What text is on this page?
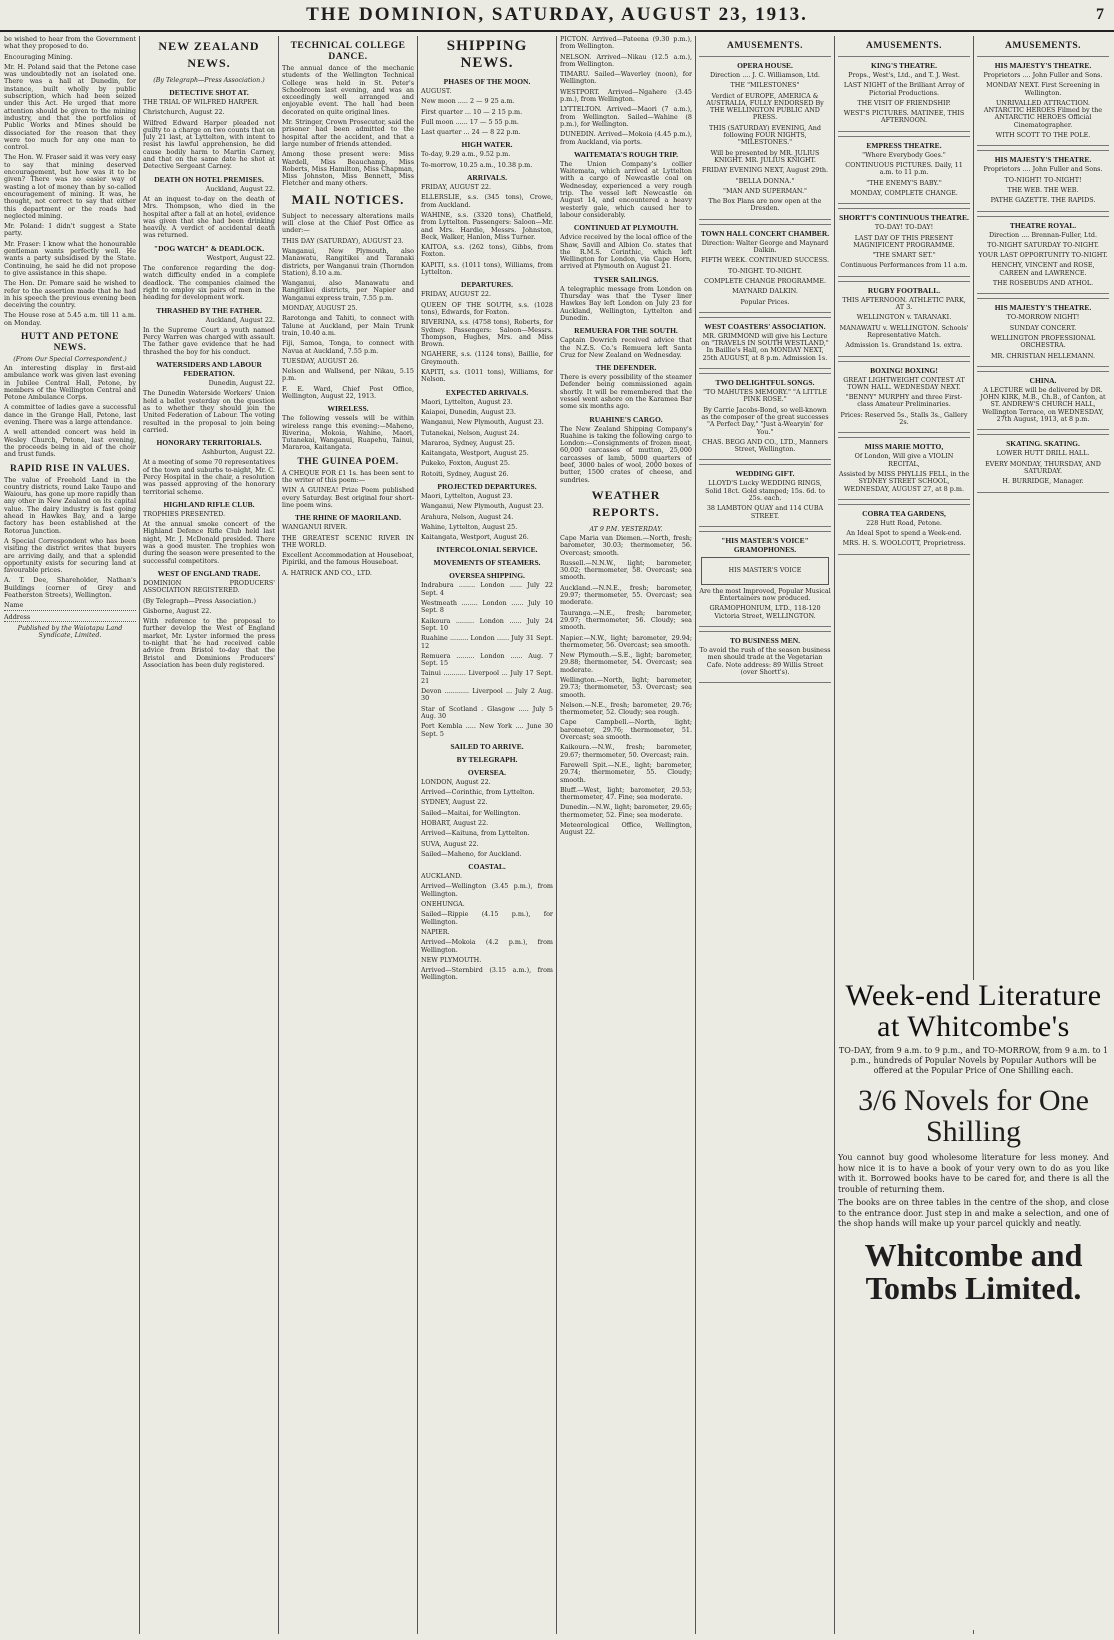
THE DOMINION, SATURDAY, AUGUST 23, 1913.	7

be wished to hear from the Government what they proposed to do.

Encouraging Mining.

Mr. H. Poland said that the Petone case was undoubtedly not an isolated one. There was a hall at Dunedin, for instance, built wholly by public subscription, which had been seized under this Act. He urged that more attention should be given to the mining industry, and that the portfolios of Public Works and Mines should be dissociated for the reason that they were too much for any one man to control.

The Hon. W. Fraser said it was very easy to say that mining deserved encouragement, but how was it to be given? There was no easier way of wasting a lot of money than by so-called encouragement of mining. It was, he thought, not correct to say that either this department or the roads had neglected mining.

Mr. Poland: I didn't suggest a State party.

Mr. Fraser: I know what the honourable gentleman wants perfectly well. He wants a party subsidised by the State. Continuing, he said he did not propose to give assistance in this shape.

The Hon. Dr. Pomare said he wished to refer to the assertion made that he had in his speech the previous evening been deceiving the country.

The House rose at 5.45 a.m. till 11 a.m. on Monday.

HUTT AND PETONE NEWS.
(From Our Special Correspondent.)

An interesting display in first-aid ambulance work was given last evening in Jubilee Central Hall, Petone, by members of the Wellington Central and Petone Ambulance Corps.

A committee of ladies gave a successful dance in the Grange Hall, Petone, last evening. There was a large attendance.

A well attended concert was held in Wesley Church, Petone, last evening, the proceeds being in aid of the choir and trust funds.

RAPID RISE IN VALUES.

The value of Freehold Land in the country districts, round Lake Taupo and Waiouru, has gone up more rapidly than any other in New Zealand on its capital value. The dairy industry is fast going ahead in Hawkes Bay, and a large factory has been established at the Rotorua Junction.

A Special Correspondent who has been visiting the district writes that buyers are arriving daily, and that a splendid opportunity exists for securing land at favourable prices.

A. T. Dee, Shareholder, Nathan's Buildings (corner of Grey and Featherston Streets), Wellington.

Name

Address

Published by the Waiotapu Land Syndicate, Limited.

NEW ZEALAND NEWS.
(By Telegraph—Press Association.)
DETECTIVE SHOT AT.

THE TRIAL OF WILFRED HARPER.

Christchurch, August 22.

Wilfred Edward Harper pleaded not guilty to a charge on two counts that on July 21 last, at Lyttelton, with intent to resist his lawful apprehension, he did cause bodily harm to Martin Carney, and that on the same date he shot at Detective Sergeant Carney.

DEATH ON HOTEL PREMISES.

Auckland, August 22.

At an inquest to-day on the death of Mrs. Thompson, who died in the hospital after a fall at an hotel, evidence was given that she had been drinking heavily. A verdict of accidental death was returned.

"DOG WATCH" & DEADLOCK.

Westport, August 22.

The conference regarding the dog-watch difficulty ended in a complete deadlock. The companies claimed the right to employ six pairs of men in the heading for development work.

THRASHED BY THE FATHER.

Auckland, August 22.

In the Supreme Court a youth named Percy Warren was charged with assault. The father gave evidence that he had thrashed the boy for his conduct.

WATERSIDERS AND LABOUR FEDERATION.

Dunedin, August 22.

The Dunedin Waterside Workers' Union held a ballot yesterday on the question as to whether they should join the United Federation of Labour. The voting resulted in the proposal to join being carried.

HONORARY TERRITORIALS.

Ashburton, August 22.

At a meeting of some 70 representatives of the town and suburbs to-night, Mr. C. Percy Hospital in the chair, a resolution was passed approving of the honorary territorial scheme.

HIGHLAND RIFLE CLUB.

TROPHIES PRESENTED.

At the annual smoke concert of the Highland Defence Rifle Club held last night, Mr. J. McDonald presided. There was a good muster. The trophies won during the season were presented to the successful competitors.

WEST OF ENGLAND TRADE.

DOMINION PRODUCERS' ASSOCIATION REGISTERED.

(By Telegraph—Press Association.)

Gisborne, August 22.

With reference to the proposal to further develop the West of England market, Mr. Lyster informed the press to-night that he had received cable advice from Bristol to-day that the Bristol and Dominions Producers' Association has been duly registered.

TECHNICAL COLLEGE DANCE.

The annual dance of the mechanic students of the Wellington Technical College was held in St. Peter's Schoolroom last evening, and was an exceedingly well arranged and enjoyable event. The hall had been decorated on quite original lines.

Mr. Stringer, Crown Prosecutor, said the prisoner had been admitted to the hospital after the accident, and that a large number of friends attended.

Among those present were: Miss Wardell, Miss Beauchamp, Miss Roberts, Miss Hamilton, Miss Chapman, Miss Johnston, Miss Bennett, Miss Fletcher and many others.

MAIL NOTICES.

Subject to necessary alterations mails will close at the Chief Post Office as under:—

THIS DAY (SATURDAY), AUGUST 23.

Wanganui, New Plymouth, also Manawatu, Rangitikei and Taranaki districts, per Wanganui train (Thorndon Station), 8.10 a.m.

Wanganui, also Manawatu and Rangitikei districts, per Napier and Wanganui express train, 7.55 p.m.

MONDAY, AUGUST 25.

Rarotonga and Tahiti, to connect with Talune at Auckland, per Main Trunk train, 10.40 a.m.

Fiji, Samoa, Tonga, to connect with Navua at Auckland, 7.55 p.m.

TUESDAY, AUGUST 26.

Nelson and Wallsend, per Nikau, 5.15 p.m.

F. E. Ward, Chief Post Office, Wellington, August 22, 1913.

WIRELESS.

The following vessels will be within wireless range this evening:—Maheno, Riverina, Mokoia, Wahine, Maori, Tutanekai, Wanganui, Ruapehu, Tainui, Mararoa, Kaitangata.

THE GUINEA POEM.

A CHEQUE FOR £1 1s. has been sent to the writer of this poem:—

WIN A GUINEA! Prize Poem published every Saturday. Best original four short-line poem wins.

THE RHINE OF MAORILAND.

WANGANUI RIVER.

THE GREATEST SCENIC RIVER IN THE WORLD.

Excellent Accommodation at Houseboat, Pipiriki, and the famous Houseboat.

A. HATRICK AND CO., LTD.

SHIPPING NEWS.
PHASES OF THE MOON.

AUGUST.

New moon ..... 2 — 9 25 a.m.

First quarter ... 10 — 2 15 p.m.

Full moon ...... 17 — 5 55 p.m.

Last quarter ... 24 — 8 22 p.m.

HIGH WATER.

To-day, 9.29 a.m., 9.52 p.m.

To-morrow, 10.25 a.m., 10.38 p.m.

ARRIVALS.

FRIDAY, AUGUST 22.

ELLERSLIE, s.s. (345 tons), Crowe, from Auckland.

WAHINE, s.s. (3320 tons), Chatfield, from Lyttelton. Passengers: Saloon—Mr. and Mrs. Hardie, Messrs. Johnston, Beck, Walker, Hanlon, Miss Turner.

KAITOA, s.s. (262 tons), Gibbs, from Foxton.

KAPITI, s.s. (1011 tons), Williams, from Lyttelton.

DEPARTURES.

FRIDAY, AUGUST 22.

QUEEN OF THE SOUTH, s.s. (1028 tons), Edwards, for Foxton.

RIVERINA, s.s. (4758 tons), Roberts, for Sydney. Passengers: Saloon—Messrs. Thompson, Hughes, Mrs. and Miss Brown.

NGAHERE, s.s. (1124 tons), Baillie, for Greymouth.

KAPITI, s.s. (1011 tons), Williams, for Nelson.

EXPECTED ARRIVALS.

Maori, Lyttelton, August 23.

Kaiapoi, Dunedin, August 23.

Wanganui, New Plymouth, August 23.

Tutanekai, Nelson, August 24.

Mararoa, Sydney, August 25.

Kaitangata, Westport, August 25.

Pukeko, Foxton, August 25.

Rotoiti, Sydney, August 26.

PROJECTED DEPARTURES.

Maori, Lyttelton, August 23.

Wanganui, New Plymouth, August 23.

Arahura, Nelson, August 24.

Wahine, Lyttelton, August 25.

Kaitangata, Westport, August 26.

INTERCOLONIAL SERVICE.
MOVEMENTS OF STEAMERS.
OVERSEA SHIPPING.

Indrabura ........ London ...... July 22 Sept. 4

Westmeath ........ London ...... July 10 Sept. 8

Kaikoura ......... London ...... July 24 Sept. 10

Ruahine ......... London ...... July 31 Sept. 12

Remuera ......... London ...... Aug. 7 Sept. 15

Tainui ........... Liverpool ... July 17 Sept. 21

Devon ............ Liverpool ... July 2 Aug. 30

Star of Scotland . Glasgow ..... July 5 Aug. 30

Port Kembla ..... New York .... June 30 Sept. 5

SAILED TO ARRIVE.
BY TELEGRAPH.
OVERSEA.

LONDON, August 22.

Arrived—Corinthic, from Lyttelton.

SYDNEY, August 22.

Sailed—Maitai, for Wellington.

HOBART, August 22.

Arrived—Kaituna, from Lyttelton.

SUVA, August 22.

Sailed—Maheno, for Auckland.

COASTAL.

AUCKLAND.

Arrived—Wellington (3.45 p.m.), from Wellington.

ONEHUNGA.

Sailed—Rippie (4.15 p.m.), for Wellington.

NAPIER.

Arrived—Mokoia (4.2 p.m.), from Wellington.

NEW PLYMOUTH.

Arrived—Sternbird (3.15 a.m.), from Wellington.

PICTON. Arrived—Pateena (9.30 p.m.), from Wellington.

NELSON. Arrived—Nikau (12.5 a.m.), from Wellington.

TIMARU. Sailed—Waverley (noon), for Wellington.

WESTPORT. Arrived—Ngahere (3.45 p.m.), from Wellington.

LYTTELTON. Arrived—Maori (7 a.m.), from Wellington. Sailed—Wahine (8 p.m.), for Wellington.

DUNEDIN. Arrived—Mokoia (4.45 p.m.), from Auckland, via ports.

WAITEMATA'S ROUGH TRIP.

The Union Company's collier Waitemata, which arrived at Lyttelton with a cargo of Newcastle coal on Wednesday, experienced a very rough trip. The vessel left Newcastle on August 14, and encountered a heavy westerly gale, which caused her to labour considerably.

CONTINUED AT PLYMOUTH.

Advice received by the local office of the Shaw, Savill and Albion Co. states that the R.M.S. Corinthic, which left Wellington for London, via Cape Horn, arrived at Plymouth on August 21.

TYSER SAILINGS.

A telegraphic message from London on Thursday was that the Tyser liner Hawkes Bay left London on July 23 for Auckland, Wellington, Lyttelton and Dunedin.

REMUERA FOR THE SOUTH.

Captain Dowrich received advice that the N.Z.S. Co.'s Remuera left Santa Cruz for New Zealand on Wednesday.

THE DEFENDER.

There is every possibility of the steamer Defender being commissioned again shortly. It will be remembered that the vessel went ashore on the Karamea Bar some six months ago.

RUAHINE'S CARGO.

The New Zealand Shipping Company's Ruahine is taking the following cargo to London:—Consignments of frozen meat, 60,000 carcasses of mutton, 25,000 carcasses of lamb, 5000 quarters of beef, 3000 bales of wool, 2000 boxes of butter, 1500 crates of cheese, and sundries.

WEATHER REPORTS.
AT 9 P.M. YESTERDAY.

Cape Maria van Diemen.—North, fresh; barometer, 30.03; thermometer, 56. Overcast; smooth.

Russell.—N.N.W., light; barometer, 30.02; thermometer, 58. Overcast; sea smooth.

Auckland.—N.N.E., fresh; barometer, 29.97; thermometer, 55. Overcast; sea moderate.

Tauranga.—N.E., fresh; barometer, 29.97; thermometer, 56. Cloudy; sea smooth.

Napier.—N.W., light; barometer, 29.94; thermometer, 56. Overcast; sea smooth.

New Plymouth.—S.E., light; barometer, 29.88; thermometer, 54. Overcast; sea moderate.

Wellington.—North, light; barometer, 29.73; thermometer, 53. Overcast; sea smooth.

Nelson.—N.E., fresh; barometer, 29.76; thermometer, 52. Cloudy; sea rough.

Cape Campbell.—North, light; barometer, 29.76; thermometer, 51. Overcast; sea smooth.

Kaikoura.—N.W., fresh; barometer, 29.67; thermometer, 50. Overcast; rain.

Farewell Spit.—N.E., light; barometer, 29.74; thermometer, 55. Cloudy; smooth.

Bluff.—West, light; barometer, 29.53; thermometer, 47. Fine; sea moderate.

Dunedin.—N.W., light; barometer, 29.65; thermometer, 52. Fine; sea moderate.

Meteorological Office, Wellington, August 22.

AMUSEMENTS.
OPERA HOUSE.

Direction .... J. C. Williamson, Ltd.

THE "MILESTONES"

Verdict of EUROPE, AMERICA & AUSTRALIA, FULLY ENDORSED By THE WELLINGTON PUBLIC AND PRESS.

THIS (SATURDAY) EVENING, And following FOUR NIGHTS, "MILESTONES."

Will be presented by MR. JULIUS KNIGHT. MR. JULIUS KNIGHT.

FRIDAY EVENING NEXT, August 29th.

"BELLA DONNA."

"MAN AND SUPERMAN."

The Box Plans are now open at the Dresden.

TOWN HALL CONCERT CHAMBER.

Direction: Walter George and Maynard Dalkin.

FIFTH WEEK. CONTINUED SUCCESS.

TO-NIGHT. TO-NIGHT.

COMPLETE CHANGE PROGRAMME.

MAYNARD DALKIN.

Popular Prices.

WEST COASTERS' ASSOCIATION.

MR. GRIMMOND will give his Lecture on "TRAVELS IN SOUTH WESTLAND," In Baillie's Hall, on MONDAY NEXT, 25th AUGUST, at 8 p.m. Admission 1s.

TWO DELIGHTFUL SONGS.

"TO MAHUTES MEMORY." "A LITTLE PINK ROSE."

By Carrie Jacobs-Bond, so well-known as the composer of the great successes "A Perfect Day," "Just a-Wearyin' for You."

CHAS. BEGG AND CO., LTD., Manners Street, Wellington.

WEDDING GIFT.

LLOYD'S Lucky WEDDING RINGS, Solid 18ct. Gold stamped; 15s. 6d. to 25s. each.

38 LAMBTON QUAY and 114 CUBA STREET.

"HIS MASTER'S VOICE" GRAMOPHONES.
HIS MASTER'S VOICE

Are the most Improved, Popular Musical Entertainers now produced.

GRAMOPHONIUM, LTD., 118-120 Victoria Street, WELLINGTON.

TO BUSINESS MEN.

To avoid the rush of the season business men should trade at the Vegetarian Cafe. Note address: 89 Willis Street (over Shortt's).

AMUSEMENTS.
KING'S THEATRE.

Props., West's, Ltd., and T. J. West.

LAST NIGHT of the Brilliant Array of Pictorial Productions.

THE VISIT OF FRIENDSHIP.

WEST'S PICTURES. MATINEE, THIS AFTERNOON.

EMPRESS THEATRE.

"Where Everybody Goes."

CONTINUOUS PICTURES. Daily, 11 a.m. to 11 p.m.

"THE ENEMY'S BABY."

MONDAY, COMPLETE CHANGE.

SHORTT'S CONTINUOUS THEATRE.

TO-DAY! TO-DAY!

LAST DAY OF THIS PRESENT MAGNIFICENT PROGRAMME.

"THE SMART SET."

Continuous Performances from 11 a.m.

RUGBY FOOTBALL.

THIS AFTERNOON. ATHLETIC PARK, AT 3.

WELLINGTON v. TARANAKI.

MANAWATU v. WELLINGTON. Schools' Representative Match.

Admission 1s. Grandstand 1s. extra.

BOXING! BOXING!

GREAT LIGHTWEIGHT CONTEST AT TOWN HALL. WEDNESDAY NEXT.

"BENNY" MURPHY and three First-class Amateur Preliminaries.

Prices: Reserved 5s., Stalls 3s., Gallery 2s.

MISS MARIE MOTTO,

Of London, Will give a VIOLIN RECITAL,

Assisted by MISS PHYLLIS FELL, in the SYDNEY STREET SCHOOL, WEDNESDAY, AUGUST 27, at 8 p.m.

COBRA TEA GARDENS,

228 Hutt Road, Petone.

An Ideal Spot to spend a Week-end.

MRS. H. S. WOOLCOTT, Proprietress.

AMUSEMENTS.
HIS MAJESTY'S THEATRE.

Proprietors .... John Fuller and Sons.

MONDAY NEXT. First Screening in Wellington.

UNRIVALLED ATTRACTION. ANTARCTIC HEROES Filmed by the ANTARCTIC HEROES Official Cinematographer.

WITH SCOTT TO THE POLE.

HIS MAJESTY'S THEATRE.

Proprietors .... John Fuller and Sons.

TO-NIGHT! TO-NIGHT!

THE WEB. THE WEB.

PATHE GAZETTE. THE RAPIDS.

THEATRE ROYAL.

Direction .... Brennan-Fuller, Ltd.

TO-NIGHT SATURDAY TO-NIGHT.

YOUR LAST OPPORTUNITY TO-NIGHT.

HENCHY, VINCENT and ROSE, CAREEN and LAWRENCE.

THE ROSEBUDS AND ATHOL.

HIS MAJESTY'S THEATRE.

TO-MORROW NIGHT!

SUNDAY CONCERT.

WELLINGTON PROFESSIONAL ORCHESTRA.

MR. CHRISTIAN HELLEMANN.

CHINA.

A LECTURE will be delivered by DR. JOHN KIRK, M.B., Ch.B., of Canton, at ST. ANDREW'S CHURCH HALL, Wellington Terrace, on WEDNESDAY, 27th August, 1913, at 8 p.m.

SKATING. SKATING.

LOWER HUTT DRILL HALL.

EVERY MONDAY, THURSDAY, AND SATURDAY.

H. BURRIDGE, Manager.

Week-end Literature at Whitcombe's

TO-DAY, from 9 a.m. to 9 p.m., and TO-MORROW, from 9 a.m. to 1 p.m., hundreds of Popular Novels by Popular Authors will be offered at the Popular Price of One Shilling each.

3/6 Novels for One Shilling

You cannot buy good wholesome literature for less money. And how nice it is to have a book of your very own to do as you like with it. Borrowed books have to be cared for, and there is all the trouble of returning them.

The books are on three tables in the centre of the shop, and close to the entrance door. Just step in and make a selection, and one of the shop hands will make up your parcel quickly and neatly.

Whitcombe and Tombs Limited.
